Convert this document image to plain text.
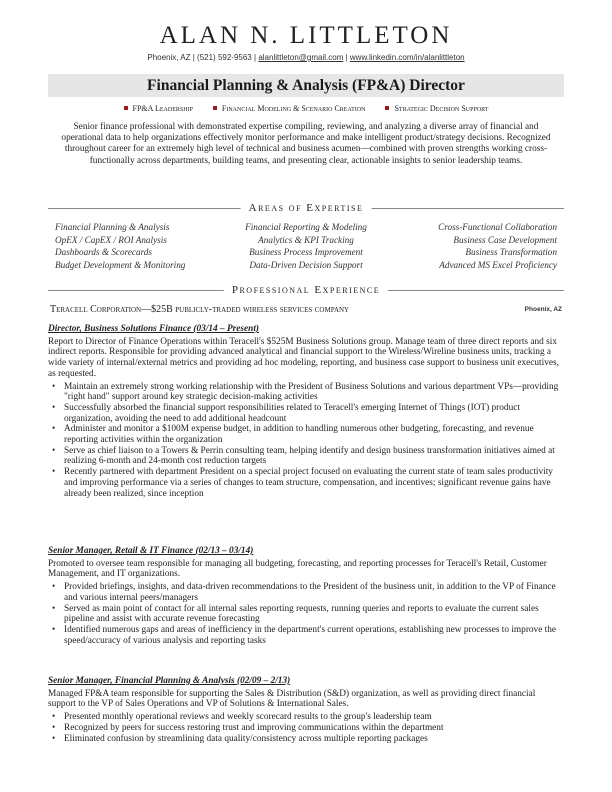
ALAN N. LITTLETON
Phoenix, AZ | (521) 592-9563 | alanlittleton@gmail.com | www.linkedin.com/in/alanlittleton
Financial Planning & Analysis (FP&A) Director
FP&A Leadership	Financial Modeling & Scenario Creation	Strategic Decision Support
Senior finance professional with demonstrated expertise compiling, reviewing, and analyzing a diverse array of financial and operational data to help organizations effectively monitor performance and make intelligent product/strategy decisions. Recognized throughout career for an extremely high level of technical and business acumen—combined with proven strengths working cross-functionally across departments, building teams, and presenting clear, actionable insights to senior leadership teams.
Areas of Expertise
Financial Planning & Analysis	Financial Reporting & Modeling	Cross-Functional Collaboration
OpEX / CapEX / ROI Analysis	Analytics & KPI Tracking	Business Case Development
Dashboards & Scorecards	Business Process Improvement	Business Transformation
Budget Development & Monitoring	Data-Driven Decision Support	Advanced MS Excel Proficiency
Professional Experience
Teracell Corporation—$25B publicly-traded wireless services company	Phoenix, AZ
Director, Business Solutions Finance (03/14 – Present)

Report to Director of Finance Operations within Teracell's $525M Business Solutions group. Manage team of three direct reports and six indirect reports. Responsible for providing advanced analytical and financial support to the Wireless/Wireline business units, tracking a wide variety of internal/external metrics and providing ad hoc modeling, reporting, and business case support to business unit executives, as requested.

• Maintain an extremely strong working relationship with the President of Business Solutions and various department VPs—providing "right hand" support around key strategic decision-making activities
• Successfully absorbed the financial support responsibilities related to Teracell's emerging Internet of Things (IOT) product organization, avoiding the need to add additional headcount
• Administer and monitor a $100M expense budget, in addition to handling numerous other budgeting, forecasting, and revenue reporting activities within the organization
• Serve as chief liaison to a Towers & Perrin consulting team, helping identify and design business transformation initiatives aimed at realizing 6-month and 24-month cost reduction targets
• Recently partnered with department President on a special project focused on evaluating the current state of team sales productivity and improving performance via a series of changes to team structure, compensation, and incentives; significant revenue gains have already been realized, since inception
Senior Manager, Retail & IT Finance (02/13 – 03/14)

Promoted to oversee team responsible for managing all budgeting, forecasting, and reporting processes for Teracell's Retail, Customer Management, and IT organizations.

• Provided briefings, insights, and data-driven recommendations to the President of the business unit, in addition to the VP of Finance and various internal peers/managers
• Served as main point of contact for all internal sales reporting requests, running queries and reports to evaluate the current sales pipeline and assist with accurate revenue forecasting
• Identified numerous gaps and areas of inefficiency in the department's current operations, establishing new processes to improve the speed/accuracy of various analysis and reporting tasks
Senior Manager, Financial Planning & Analysis (02/09 – 2/13)

Managed FP&A team responsible for supporting the Sales & Distribution (S&D) organization, as well as providing direct financial support to the VP of Sales Operations and VP of Solutions & International Sales.

• Presented monthly operational reviews and weekly scorecard results to the group's leadership team
• Recognized by peers for success restoring trust and improving communications within the department
• Eliminated confusion by streamlining data quality/consistency across multiple reporting packages
